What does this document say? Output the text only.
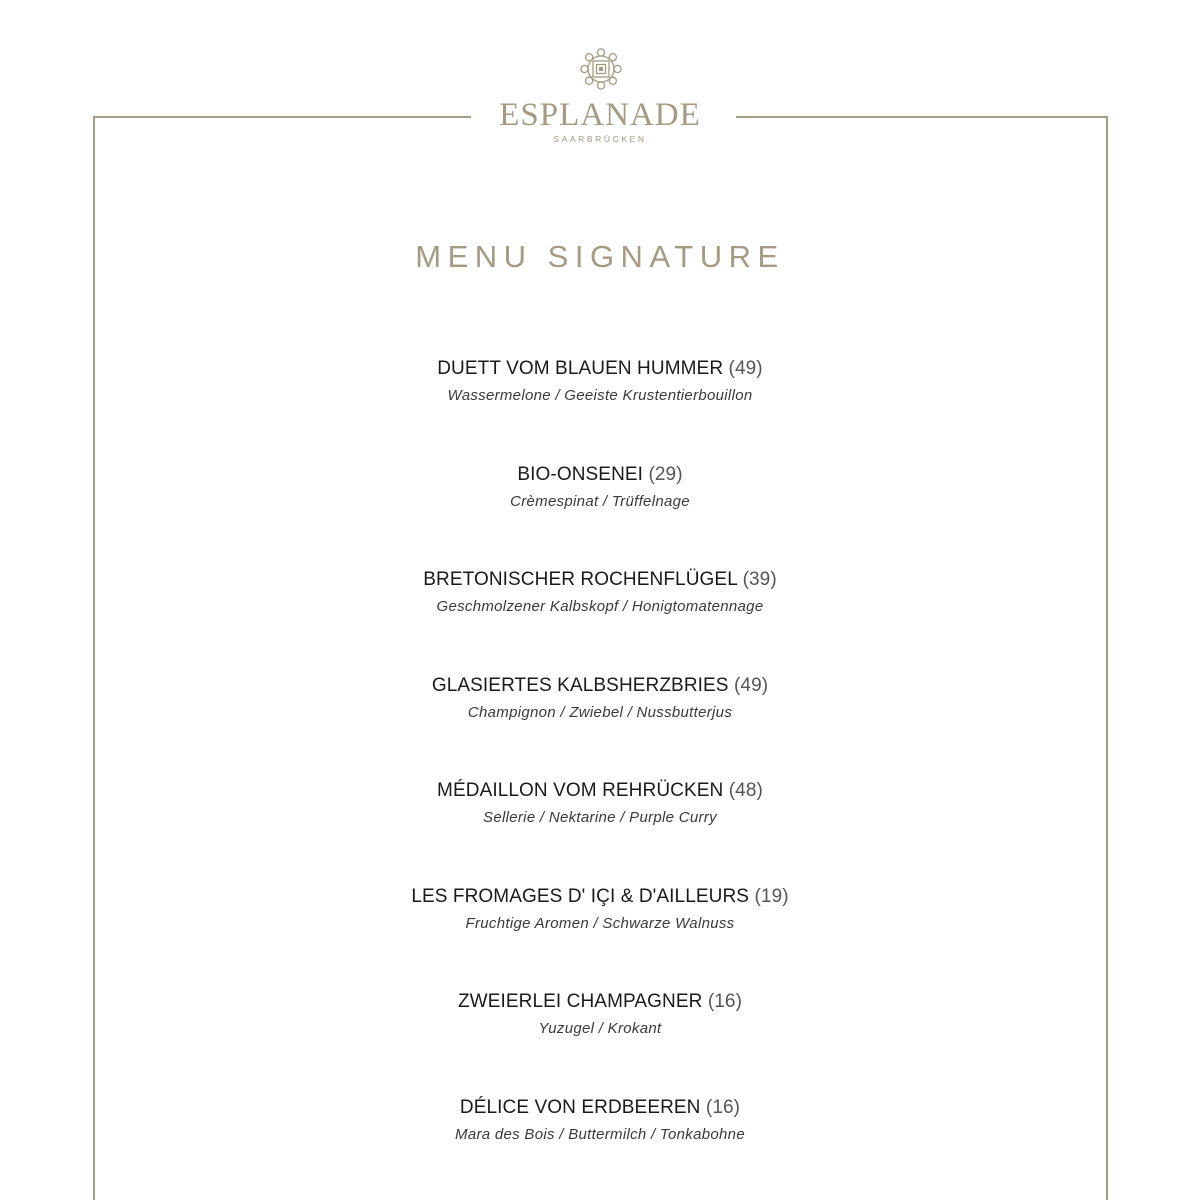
ESPLANADE
SAARBRÜCKEN
MENU SIGNATURE
DUETT VOM BLAUEN HUMMER (49)
Wassermelone / Geeiste Krustentierbouillon
BIO-ONSENEI (29)
Crèmespinat / Trüffelnage
BRETONISCHER ROCHENFLÜGEL (39)
Geschmolzener Kalbskopf / Honigtomatennage
GLASIERTES KALBSHERZBRIES (49)
Champignon / Zwiebel / Nussbutterjus
MÉDAILLON VOM REHRÜCKEN (48)
Sellerie / Nektarine / Purple Curry
LES FROMAGES D' IÇI & D'AILLEURS (19)
Fruchtige Aromen / Schwarze Walnuss
ZWEIERLEI CHAMPAGNER (16)
Yuzugel / Krokant
DÉLICE VON ERDBEEREN (16)
Mara des Bois / Buttermilch / Tonkabohne
